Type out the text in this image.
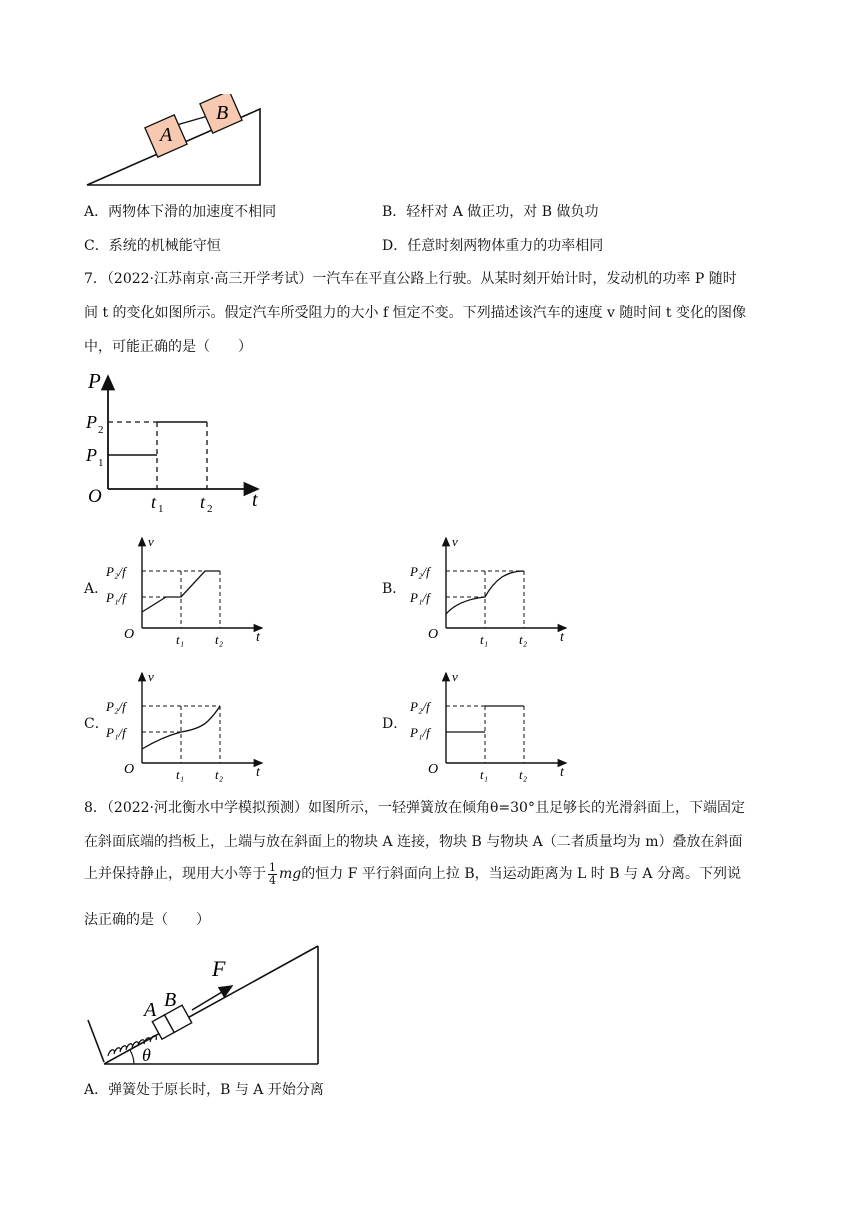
A
B
A．两物体下滑的加速度不相同	B．轻杆对 A 做正功，对 B 做负功
C．系统的机械能守恒	D．任意时刻两物体重力的功率相同
7．（2022·江苏南京·高三开学考试）一汽车在平直公路上行驶。从某时刻开始计时，发动机的功率 P 随时
间 t 的变化如图所示。假定汽车所受阻力的大小 f 恒定不变。下列描述该汽车的速度 v 随时间 t 变化的图像
中，可能正确的是（　　）
P
P 2
P 1
O	t 1 t 2 t
A．	B．
C．	D．
v
P₂/f
P₁/f
O	t₁ t₂ t
v
P₂/f
P₁/f
O	t₁ t₂ t
v
P₂/f
P₁/f
O	t₁ t₂ t
v
P₂/f
P₁/f
O	t₁ t₂ t
8．（2022·河北衡水中学模拟预测）如图所示，一轻弹簧放在倾角θ=30°且足够长的光滑斜面上，下端固定
在斜面底端的挡板上，上端与放在斜面上的物块 A 连接，物块 B 与物块 A（二者质量均为 m）叠放在斜面
上并保持静止，现用大小等于 $\frac{1}{4}$ mg的恒力 F 平行斜面向上拉 B，当运动距离为 L 时 B 与 A 分离。下列说
法正确的是（　　）
A B
F
θ
A．弹簧处于原长时，B 与 A 开始分离
